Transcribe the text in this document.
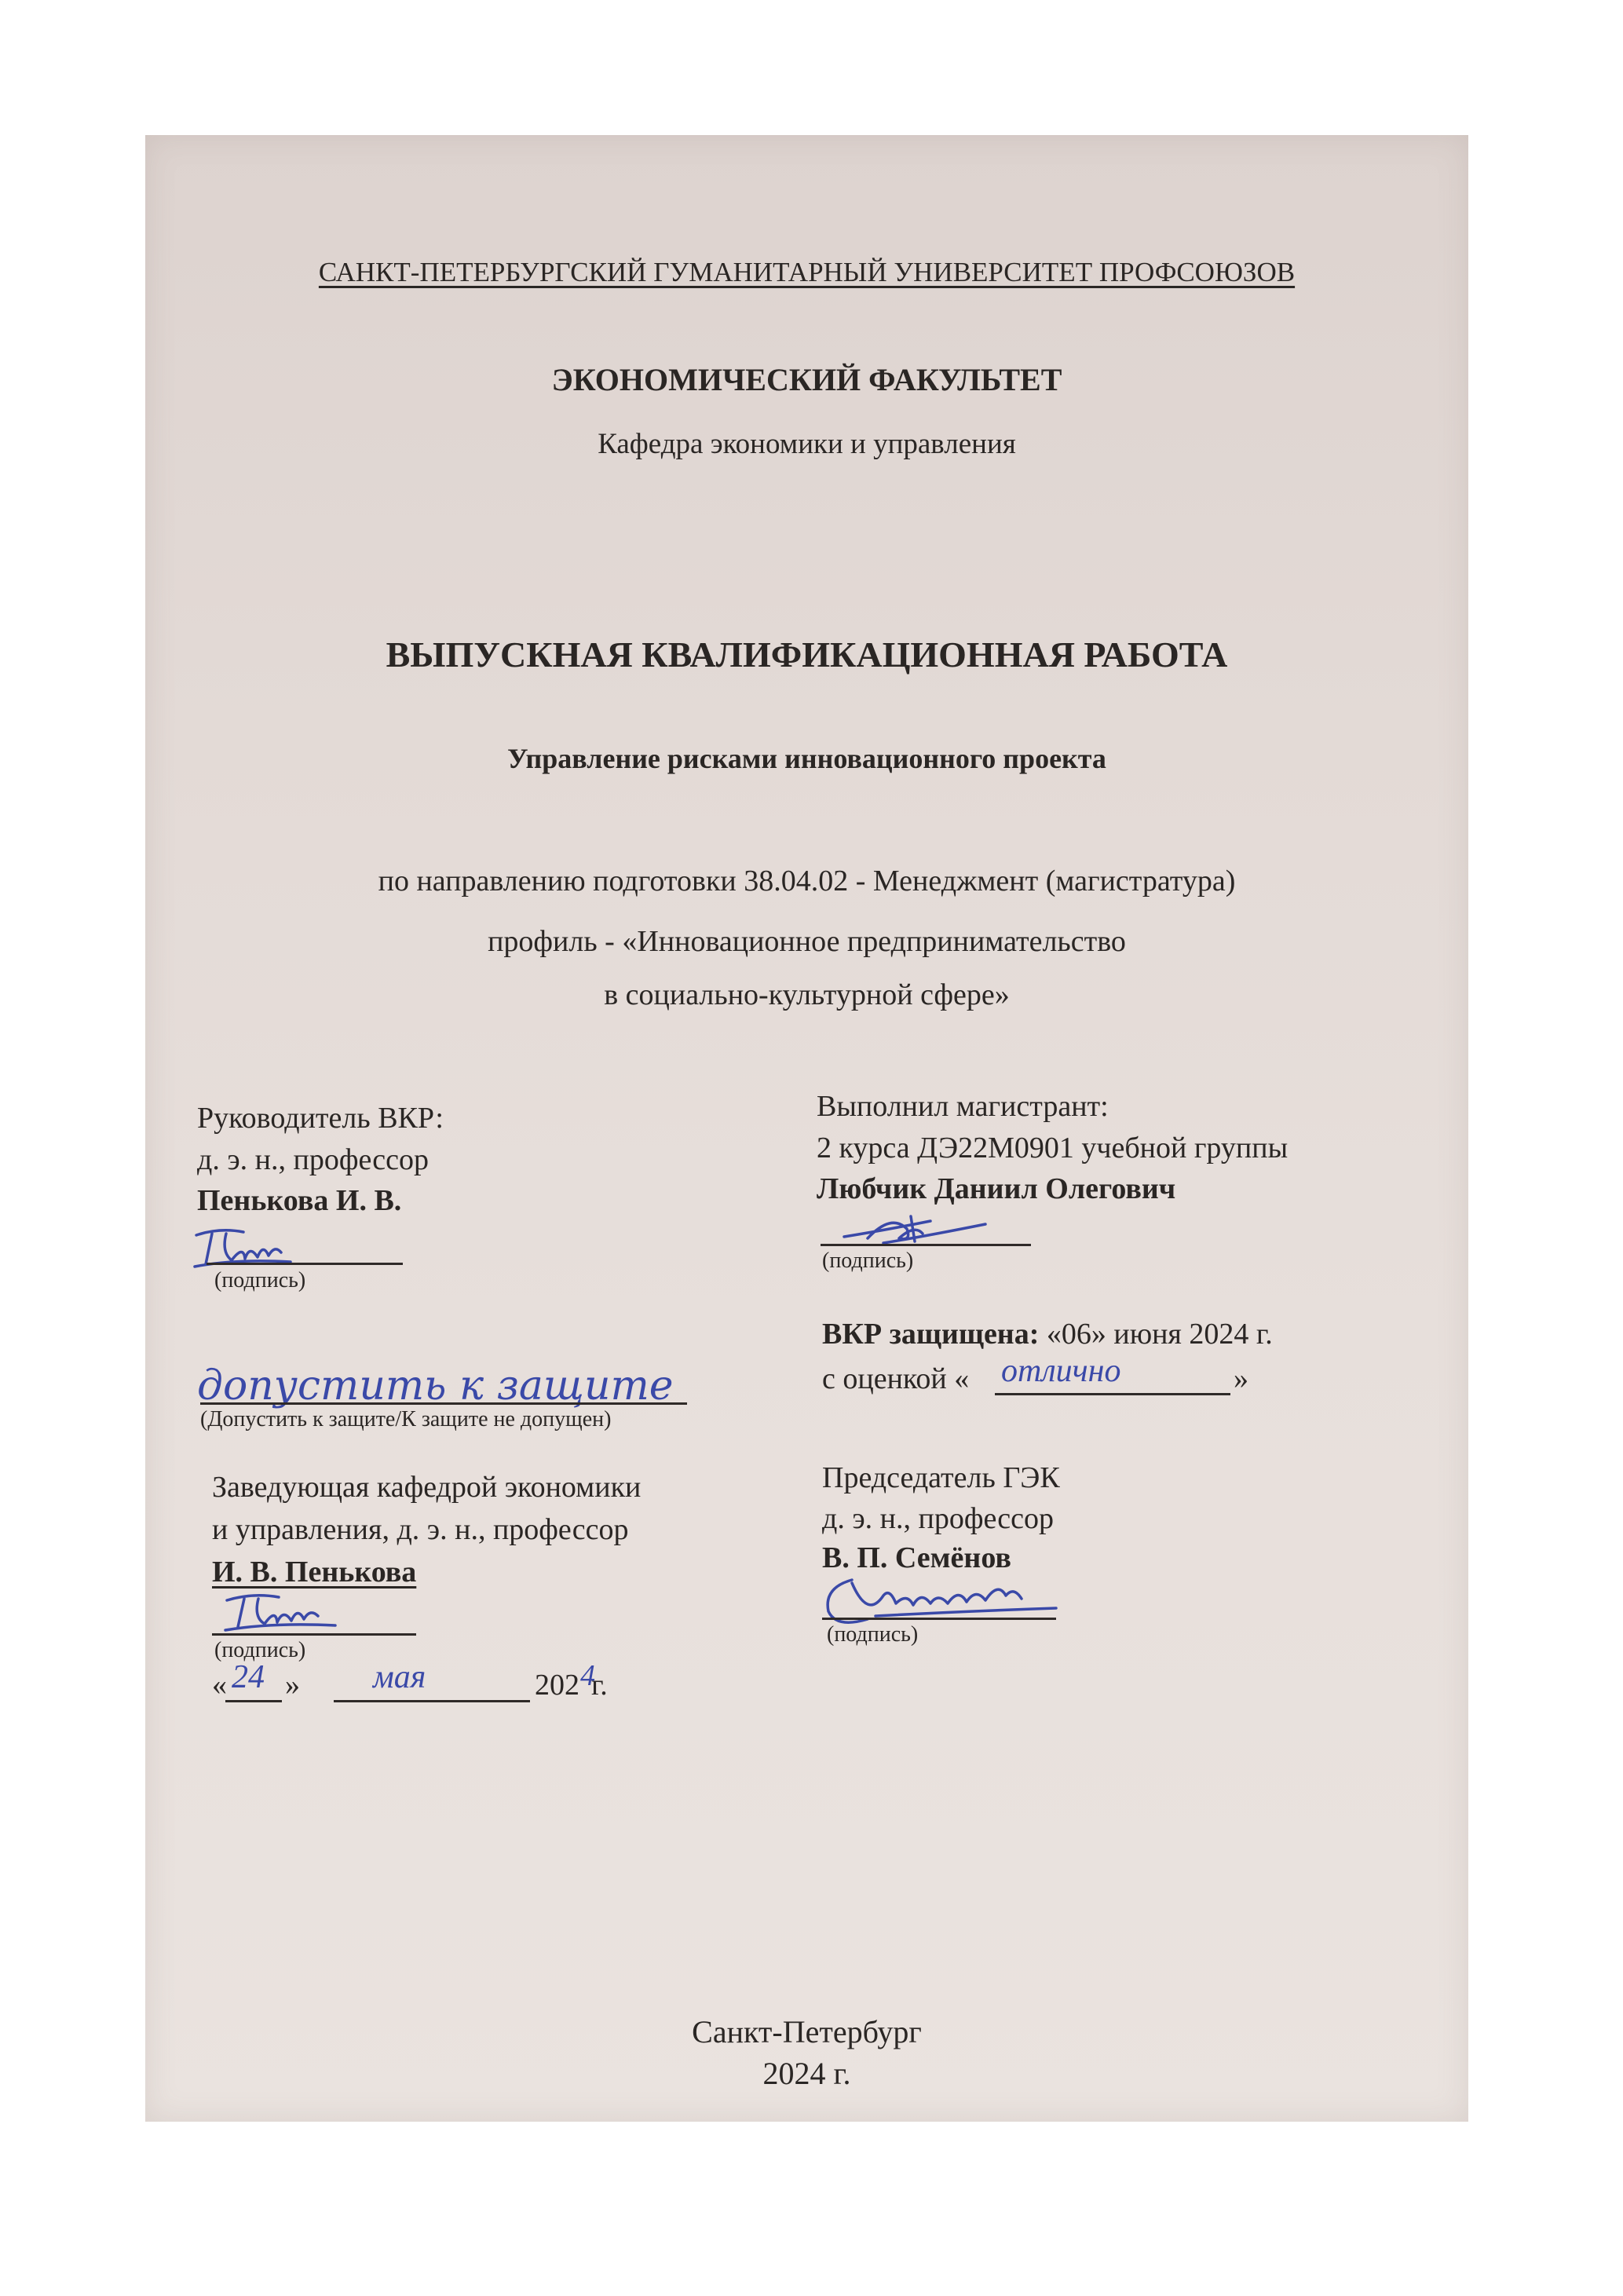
САНКТ-ПЕТЕРБУРГСКИЙ ГУМАНИТАРНЫЙ УНИВЕРСИТЕТ ПРОФСОЮЗОВ
ЭКОНОМИЧЕСКИЙ ФАКУЛЬТЕТ
Кафедра экономики и управления
ВЫПУСКНАЯ КВАЛИФИКАЦИОННАЯ РАБОТА
Управление рисками инновационного проекта
по направлению подготовки 38.04.02 - Менеджмент (магистратура)
профиль - «Инновационное предпринимательство
в социально-культурной сфере»
Руководитель ВКР:
д. э. н., профессор
Пенькова И. В.
(подпись)
допустить к защите
(Допустить к защите/К защите не допущен)
Заведующая кафедрой экономики
и управления, д. э. н., профессор
И. В. Пенькова
(подпись)
« 24 » мая	202 4
г.
Выполнил магистрант:
2 курса ДЭ22М0901 учебной группы
Любчик Даниил Олегович
(подпись)
ВКР защищена: «06» июня 2024 г.
с оценкой « отлично	»
Председатель ГЭК
д. э. н., профессор
В. П. Семёнов
(подпись)
Санкт-Петербург
2024 г.
